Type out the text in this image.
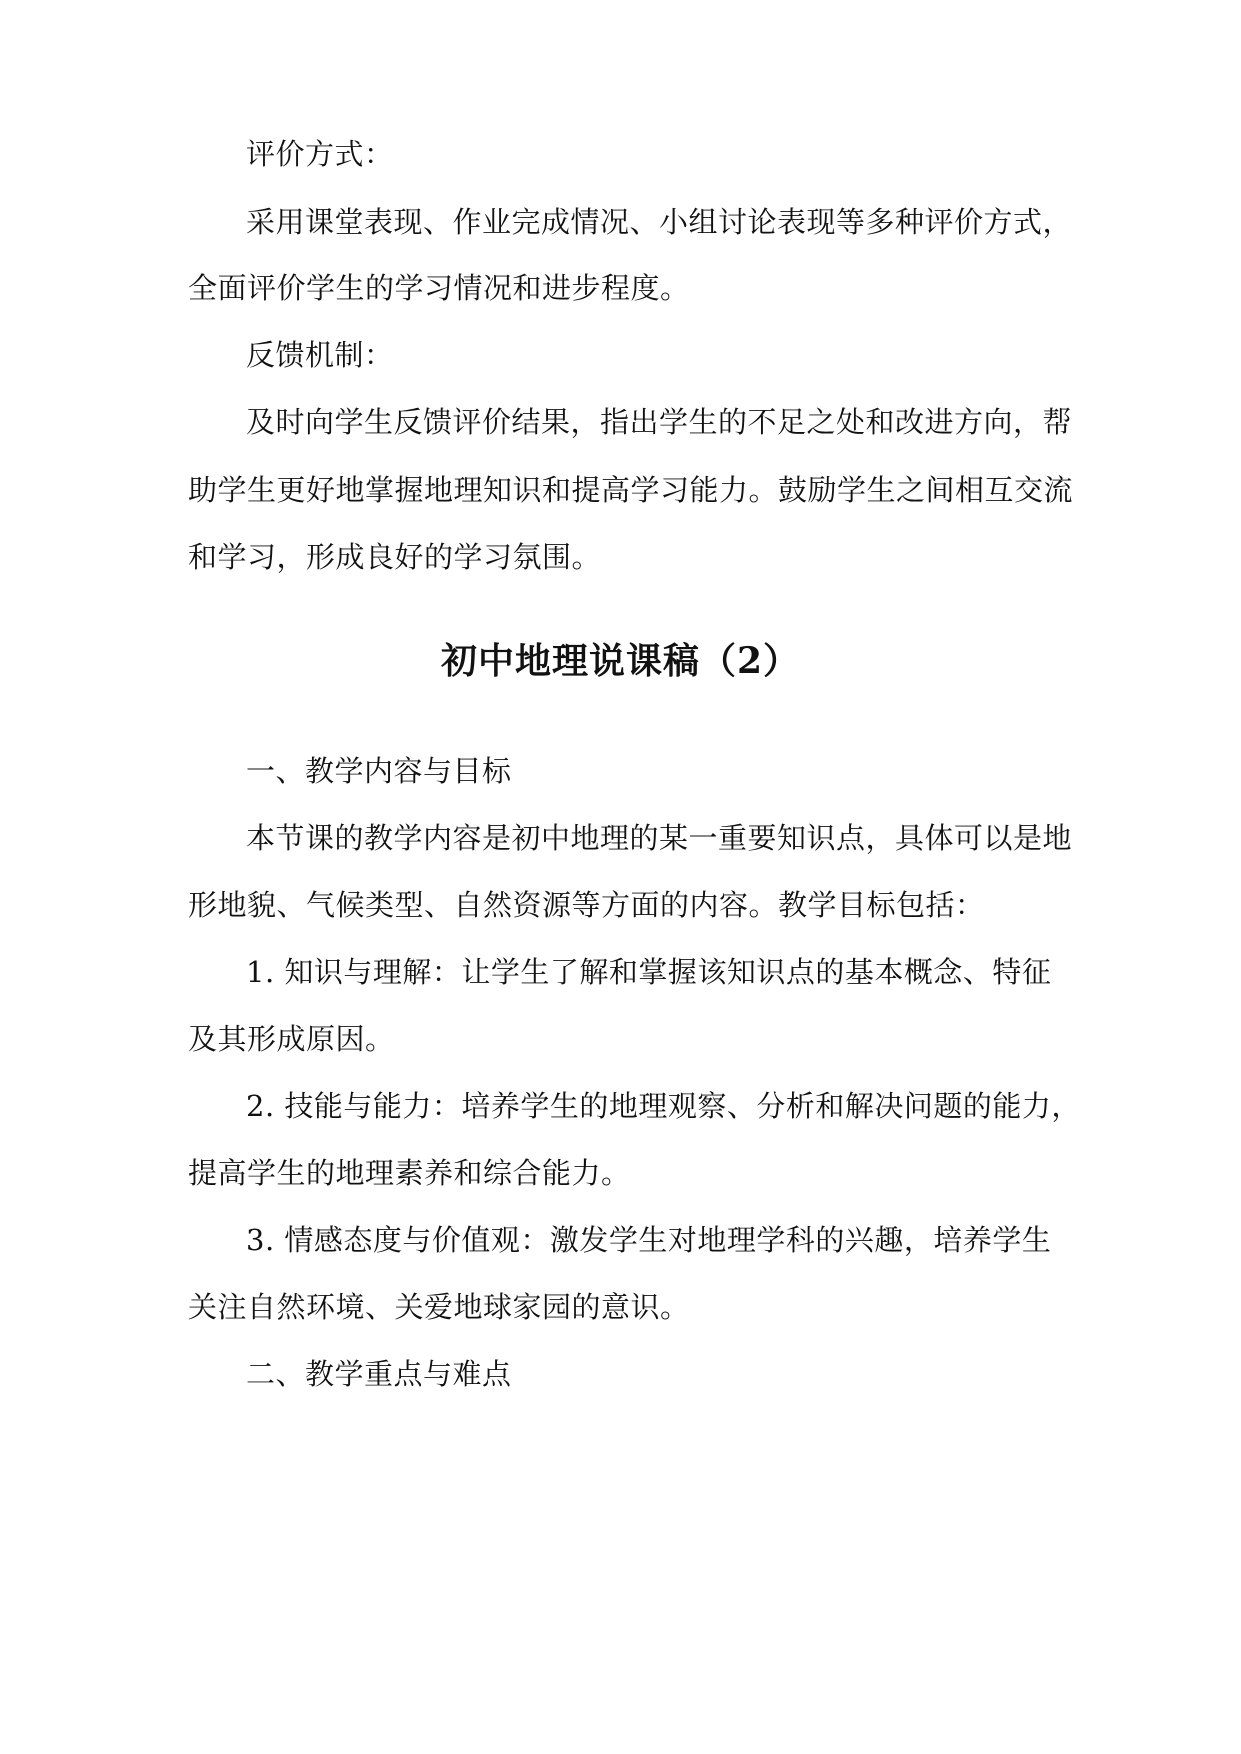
评价方式：
采用课堂表现、作业完成情况、小组讨论表现等多种评价方式，
全面评价学生的学习情况和进步程度。
反馈机制：
及时向学生反馈评价结果，指出学生的不足之处和改进方向，帮
助学生更好地掌握地理知识和提高学习能力。鼓励学生之间相互交流
和学习，形成良好的学习氛围。
初中地理说课稿（2）
一、教学内容与目标
本节课的教学内容是初中地理的某一重要知识点，具体可以是地
形地貌、气候类型、自然资源等方面的内容。教学目标包括：
1. 知识与理解：让学生了解和掌握该知识点的基本概念、特征
及其形成原因。
2. 技能与能力：培养学生的地理观察、分析和解决问题的能力，
提高学生的地理素养和综合能力。
3. 情感态度与价值观：激发学生对地理学科的兴趣，培养学生
关注自然环境、关爱地球家园的意识。
二、教学重点与难点
